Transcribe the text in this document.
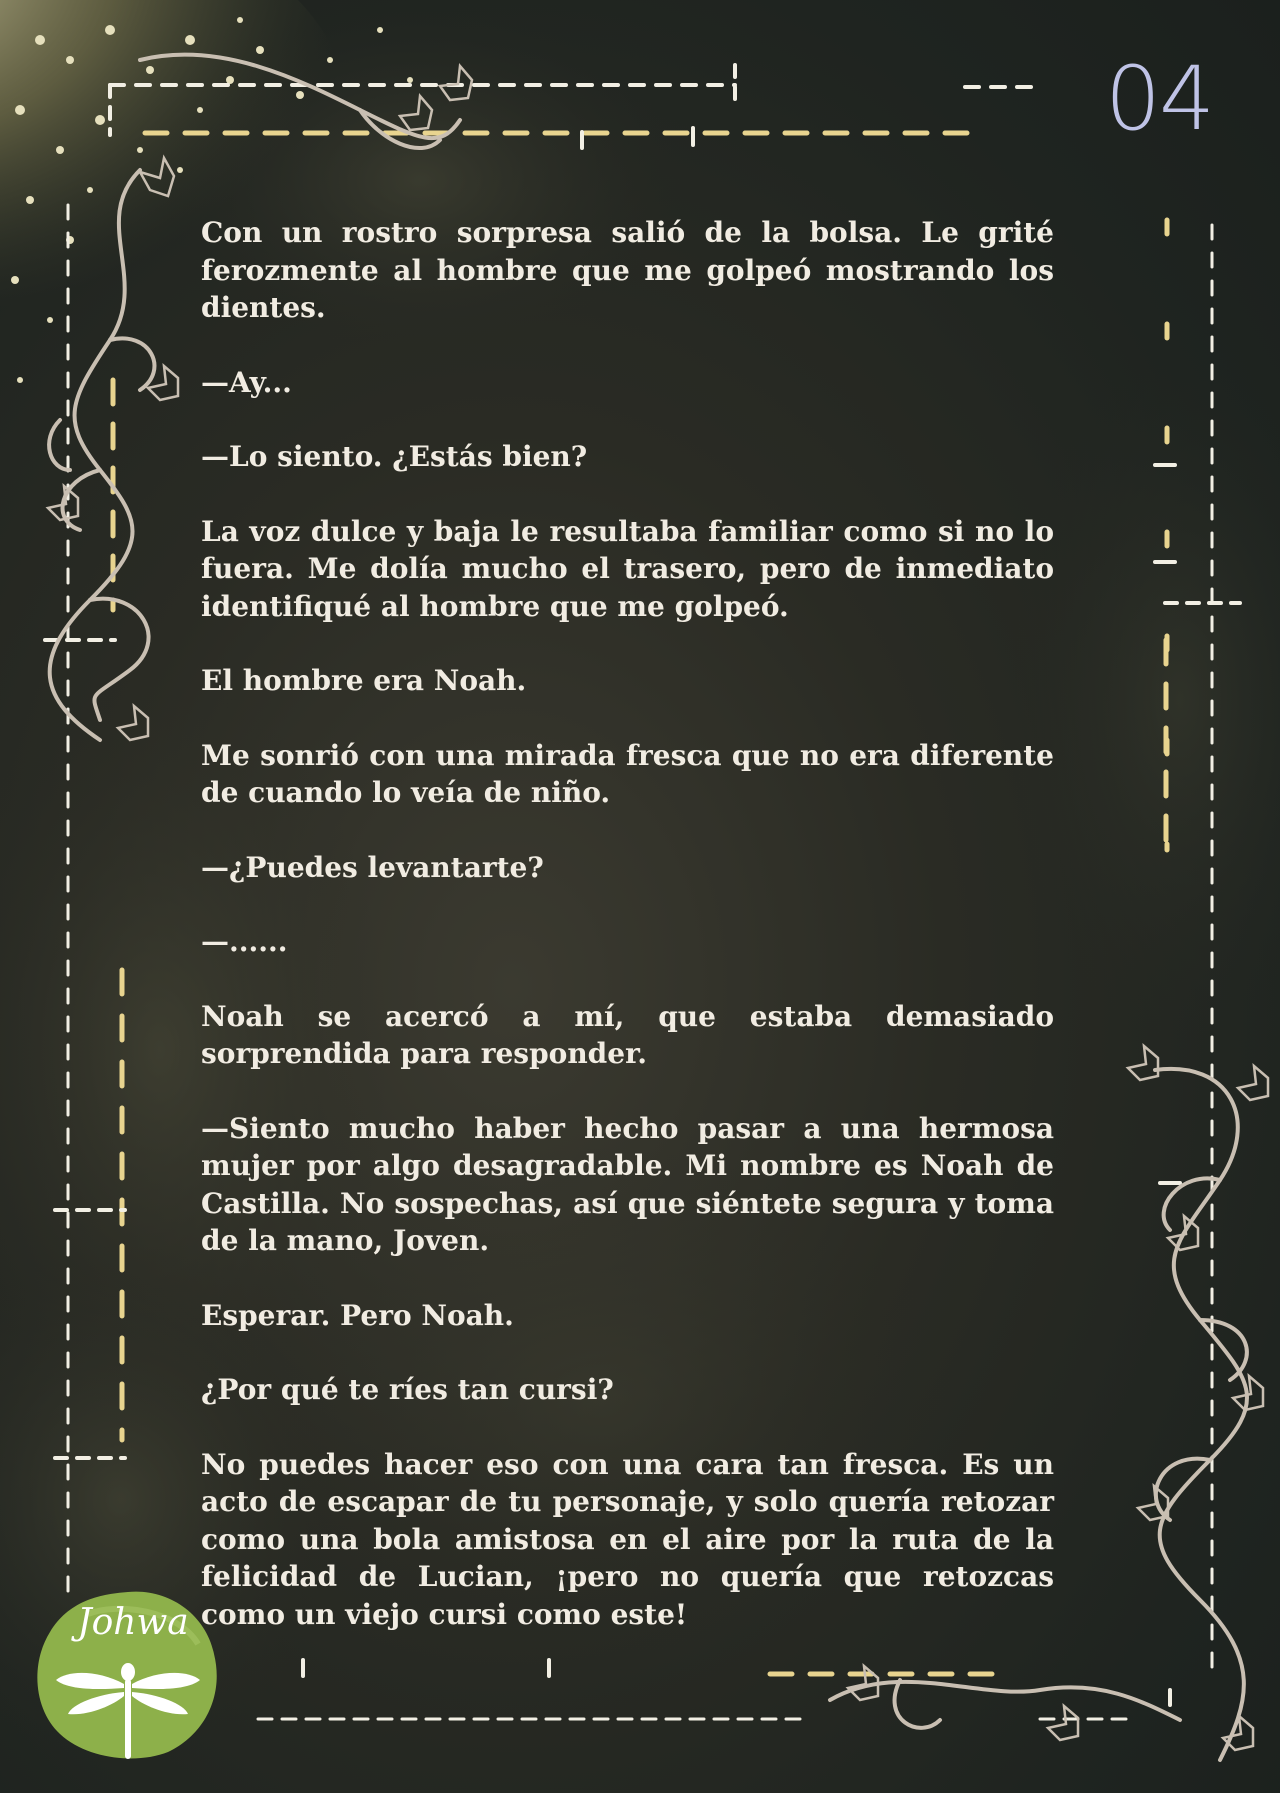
04

Con un rostro sorpresa salió de la bolsa. Le grité ferozmente al hombre que me golpeó mostrando los dientes.

—Ay...

—Lo siento. ¿Estás bien?

La voz dulce y baja le resultaba familiar como si no lo fuera. Me dolía mucho el trasero, pero de inmediato identifiqué al hombre que me golpeó.

El hombre era Noah.

Me sonrió con una mirada fresca que no era diferente de cuando lo veía de niño.

—¿Puedes levantarte?

—......

Noah se acercó a mí, que estaba demasiado sorprendida para responder.

—Siento mucho haber hecho pasar a una hermosa mujer por algo desagradable. Mi nombre es Noah de Castilla. No sospechas, así que siéntete segura y toma de la mano, Joven.

Esperar. Pero Noah.

¿Por qué te ríes tan cursi?

No puedes hacer eso con una cara tan fresca. Es un acto de escapar de tu personaje, y solo quería retozar como una bola amistosa en el aire por la ruta de la felicidad de Lucian, ¡pero no quería que retozcas como un viejo cursi como este!

Johwa
